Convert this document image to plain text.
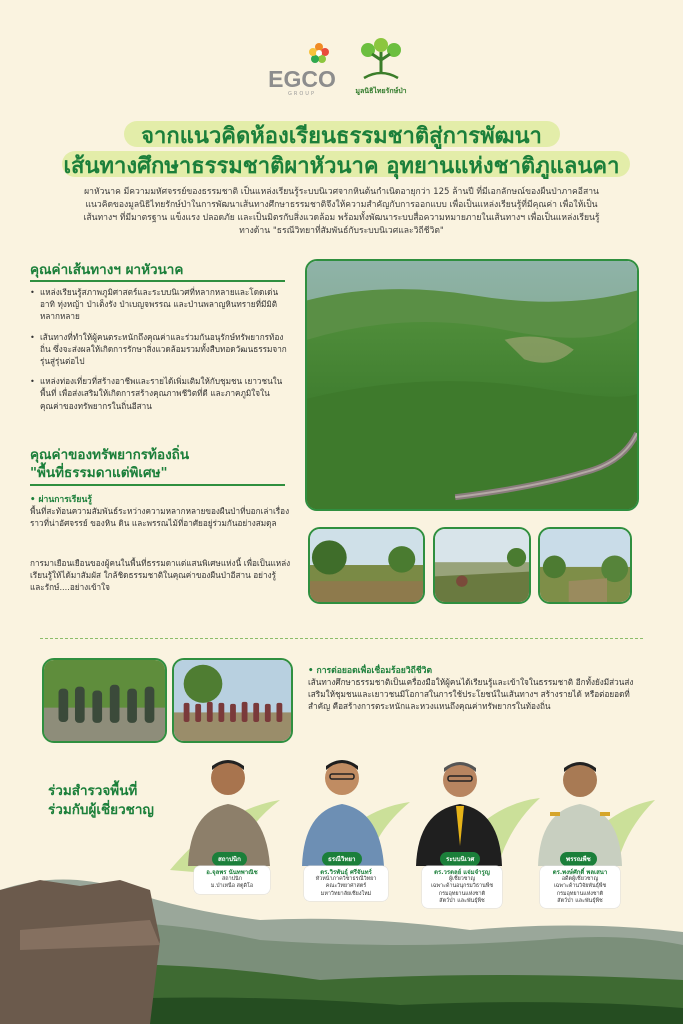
EGCO
GROUP	มูลนิธิไทยรักษ์ป่า
จากแนวคิดห้องเรียนธรรมชาติสู่การพัฒนา
เส้นทางศึกษาธรรมชาติผาหัวนาค อุทยานแห่งชาติภูแลนคา
ผาหัวนาค มีความมหัศจรรย์ของธรรมชาติ เป็นแหล่งเรียนรู้ระบบนิเวศจากหินต้นกำเนิดอายุกว่า 125 ล้านปี ที่มีเอกลักษณ์ของผืนป่าภาคอีสาน แนวคิดของมูลนิธิไทยรักษ์ป่าในการพัฒนาเส้นทางศึกษาธรรมชาติจึงให้ความสำคัญกับการออกแบบ เพื่อเป็นแหล่งเรียนรู้ที่มีคุณค่า เพื่อให้เป็นเส้นทางฯ ที่มีมาตรฐาน แข็งแรง ปลอดภัย และเป็นมิตรกับสิ่งแวดล้อม พร้อมทั้งพัฒนาระบบสื่อความหมายภายในเส้นทางฯ เพื่อเป็นแหล่งเรียนรู้ทางด้าน "ธรณีวิทยาที่สัมพันธ์กับระบบนิเวศและวิถีชีวิต"
คุณค่าเส้นทางฯ ผาหัวนาค
• แหล่งเรียนรู้สภาพภูมิศาสตร์และระบบนิเวศที่หลากหลายและโดดเด่น อาทิ ทุ่งหญ้า ป่าเต็งรัง ป่าเบญจพรรณ และป่านพลาญหินทรายที่มีมิติหลากหลาย
• เส้นทางที่ทำให้ผู้คนตระหนักถึงคุณค่าและร่วมกันอนุรักษ์ทรัพยากรท้องถิ่น ซึ่งจะส่งผลให้เกิดการรักษาสิ่งแวดล้อมรวมทั้งสืบทอดวัฒนธรรมจากรุ่นสู่รุ่นต่อไป
• แหล่งท่องเที่ยวที่สร้างอาชีพและรายได้เพิ่มเติมให้กับชุมชน เยาวชนในพื้นที่ เพื่อส่งเสริมให้เกิดการสร้างคุณภาพชีวิตที่ดี และภาคภูมิใจในคุณค่าของทรัพยากรในถิ่นอีสาน
คุณค่าของทรัพยากรท้องถิ่น
"พื้นที่ธรรมดาแต่พิเศษ"
• ผ่านการเรียนรู้
พื้นที่สะท้อนความสัมพันธ์ระหว่างความหลากหลายของผืนป่าที่บอกเล่าเรื่องราวที่น่าอัศจรรย์ ของหิน ดิน และพรรณไม้ที่อาศัยอยู่ร่วมกันอย่างสมดุล
การมาเยือนเยือนของผู้คนในพื้นที่ธรรมดาแต่แสนพิเศษแห่งนี้ เพื่อเป็นแหล่งเรียนรู้ให้ได้มาสัมผัส ใกล้ชิดธรรมชาติในคุณค่าของผืนป่าอีสาน อย่างรู้ และรักษ์....อย่างเข้าใจ
• การต่อยอดเพื่อเชื่อมร้อยวิถีชีวิต
เส้นทางศึกษาธรรมชาติเป็นเครื่องมือให้ผู้คนได้เรียนรู้และเข้าใจในธรรมชาติ อีกทั้งยังมีส่วนส่งเสริมให้ชุมชนและเยาวชนมีโอกาสในการใช้ประโยชน์ในเส้นทางฯ สร้างรายได้ หรือต่อยอดที่สำคัญ คือสร้างการตระหนักและหวงแหนถึงคุณค่าทรัพยากรในท้องถิ่น
ร่วมสำรวจพื้นที่
ร่วมกับผู้เชี่ยวชาญ
สถาปนิก
อ.จุลพร นันทพาณิช
สถาปนิก
ม.ป่าเหนือ สตูดิโอ
ธรณีวิทยา
ดร.วิรพันธุ์ ศรีจันทร์
หัวหน้าภาควิชาธรณีวิทยา
คณะวิทยาศาสตร์
มหาวิทยาลัยเชียงใหม่
ระบบนิเวศ
ดร.วรดลย์ แจ่มจำรูญ
ผู้เชี่ยวชาญ
เฉพาะด้านอนุกรมวิธานพืช
กรมอุทยานแห่งชาติ
สัตว์ป่า และพันธุ์พืช
พรรณพืช
ดร.พงษ์ศักดิ์ พลเสนา
อดีตผู้เชี่ยวชาญ
เฉพาะด้านวิจัยพันธุ์พืช
กรมอุทยานแห่งชาติ
สัตว์ป่า และพันธุ์พืช
